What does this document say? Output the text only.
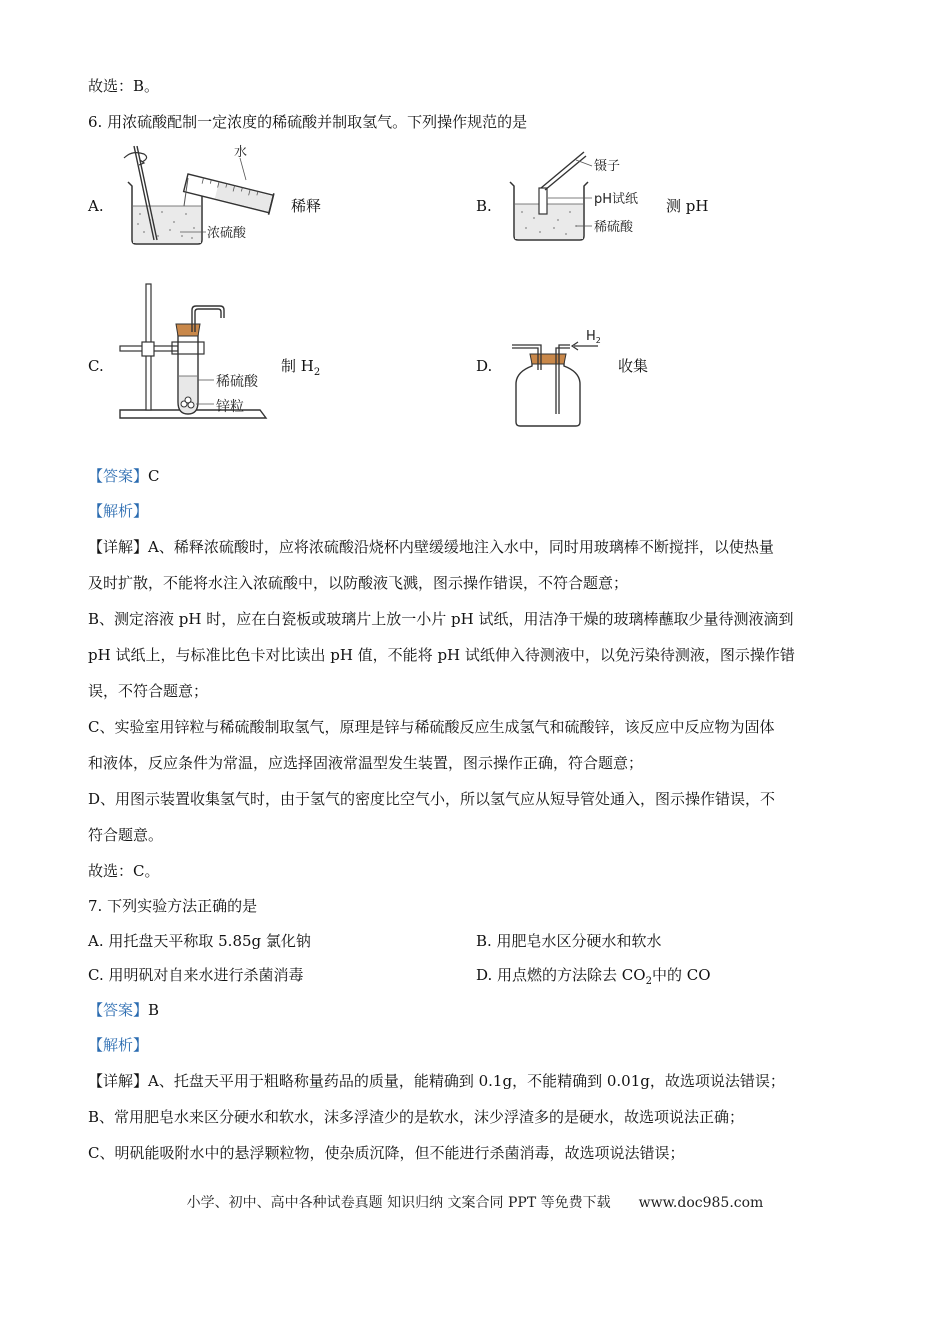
故选：B。
6. 用浓硫酸配制一定浓度的稀硫酸并制取氢气。下列操作规范的是
A.
水
浓硫酸
稀释	B.
镊子
pH试纸
稀硫酸
测 pH
C.
稀硫酸
锌粒
制 $H_2$	D.
$H_2$
收集
【答案】C
【解析】
【详解】A、稀释浓硫酸时，应将浓硫酸沿烧杯内壁缓缓地注入水中，同时用玻璃棒不断搅拌，以使热量
及时扩散，不能将水注入浓硫酸中，以防酸液飞溅，图示操作错误，不符合题意；
B、测定溶液 pH 时，应在白瓷板或玻璃片上放一小片 pH 试纸，用洁净干燥的玻璃棒蘸取少量待测液滴到
pH 试纸上，与标准比色卡对比读出 pH 值，不能将 pH 试纸伸入待测液中，以免污染待测液，图示操作错
误，不符合题意；
C、实验室用锌粒与稀硫酸制取氢气，原理是锌与稀硫酸反应生成氢气和硫酸锌，该反应中反应物为固体
和液体，反应条件为常温，应选择固液常温型发生装置，图示操作正确，符合题意；
D、用图示装置收集氢气时，由于氢气的密度比空气小，所以氢气应从短导管处通入，图示操作错误，不
符合题意。
故选：C。
7. 下列实验方法正确的是
A. 用托盘天平称取 5.85g 氯化钠	B. 用肥皂水区分硬水和软水
C. 用明矾对自来水进行杀菌消毒	D. 用点燃的方法除去 $CO_2$中的 CO
【答案】B
【解析】
【详解】A、托盘天平用于粗略称量药品的质量，能精确到 0.1g，不能精确到 0.01g，故选项说法错误；
B、常用肥皂水来区分硬水和软水，沫多浮渣少的是软水，沫少浮渣多的是硬水，故选项说法正确；
C、明矾能吸附水中的悬浮颗粒物，使杂质沉降，但不能进行杀菌消毒，故选项说法错误；
小学、初中、高中各种试卷真题 知识归纳 文案合同 PPT 等免费下载 www.doc985.com
